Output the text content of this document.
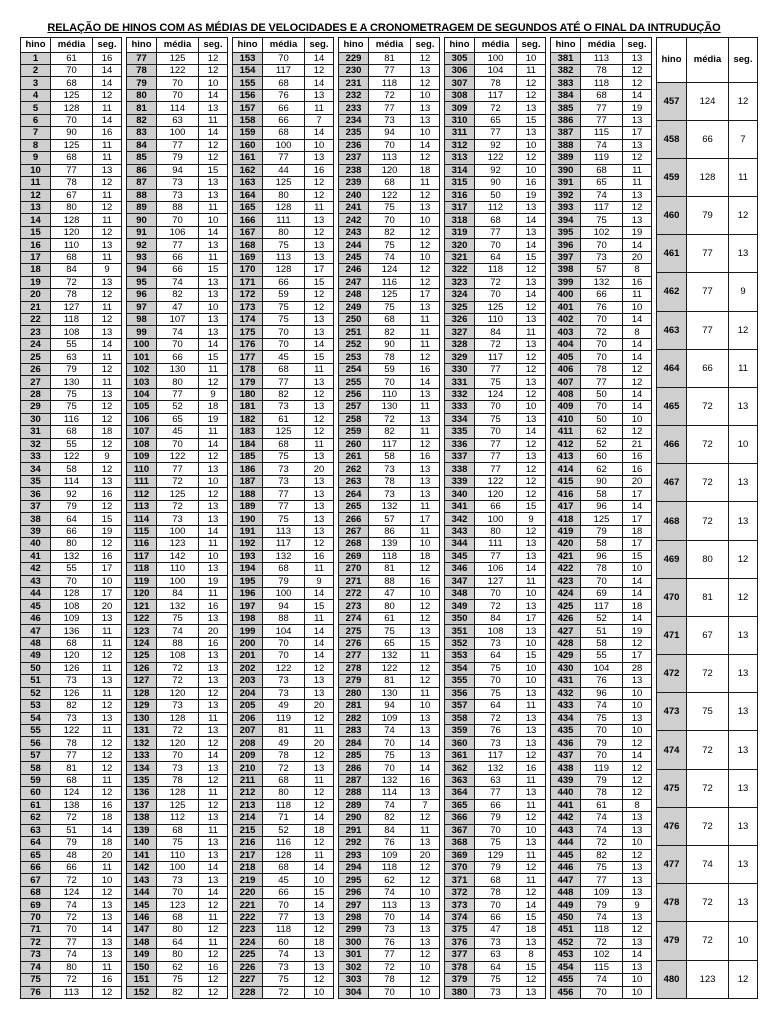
RELAÇÃO DE HINOS COM AS MÉDIAS DE VELOCIDADES E A CRONOMETRAGEM DE SEGUNDOS ATÉ O FINAL DA INTRUDUÇÃO
hino	média	seg.
1	61	16
2	70	14
3	68	14
4	125	12
5	128	11
6	70	14
7	90	16
8	125	11
9	68	11
10	77	13
11	78	12
12	67	11
13	80	12
14	128	11
15	120	12
16	110	13
17	68	11
18	84	9
19	72	13
20	78	12
21	127	11
22	118	12
23	108	13
24	55	14
25	63	11
26	79	12
27	130	11
28	75	13
29	75	12
30	116	12
31	68	18
32	55	12
33	122	9
34	58	12
35	114	13
36	92	16
37	79	12
38	64	15
39	66	19
40	80	12
41	132	16
42	55	17
43	70	10
44	128	17
45	108	20
46	109	13
47	136	11
48	68	11
49	120	12
50	126	11
51	73	13
52	126	11
53	82	12
54	73	13
55	122	11
56	78	12
57	77	12
58	81	12
59	68	11
60	124	12
61	138	16
62	72	18
63	51	14
64	79	18
65	48	20
66	66	11
67	72	10
68	124	12
69	74	13
70	72	13
71	70	14
72	77	13
73	74	13
74	80	11
75	72	16
76	113	12
hino	média	seg.
77	125	12
78	122	12
79	70	10
80	70	14
81	114	13
82	63	11
83	100	14
84	77	12
85	79	12
86	94	15
87	73	13
88	73	13
89	88	11
90	70	10
91	106	14
92	77	13
93	66	11
94	66	15
95	74	13
96	82	13
97	47	10
98	107	13
99	74	13
100	70	14
101	66	15
102	130	11
103	80	12
104	77	9
105	52	18
106	65	19
107	45	11
108	70	14
109	122	12
110	77	13
111	72	10
112	125	12
113	72	13
114	73	13
115	100	14
116	123	11
117	142	10
118	110	13
119	100	19
120	84	11
121	132	16
122	75	13
123	74	20
124	88	16
125	108	13
126	72	13
127	72	13
128	120	12
129	73	13
130	128	11
131	72	13
132	120	12
133	70	14
134	73	13
135	78	12
136	128	11
137	125	12
138	112	13
139	68	11
140	75	13
141	110	13
142	100	14
143	73	13
144	70	14
145	123	12
146	68	11
147	80	12
148	64	11
149	80	12
150	62	16
151	75	12
152	82	12
hino	média	seg.
153	70	14
154	117	12
155	68	14
156	76	13
157	66	11
158	66	7
159	68	14
160	100	10
161	77	13
162	44	16
163	125	12
164	80	12
165	128	11
166	111	13
167	80	12
168	75	13
169	113	13
170	128	17
171	66	15
172	59	12
173	75	12
174	75	13
175	70	13
176	70	14
177	45	15
178	68	11
179	77	13
180	82	12
181	73	13
182	61	12
183	125	12
184	68	11
185	75	13
186	73	20
187	73	13
188	77	13
189	77	13
190	75	13
191	113	13
192	117	12
193	132	16
194	68	11
195	79	9
196	100	14
197	94	15
198	88	11
199	104	14
200	70	14
201	70	14
202	122	12
203	73	13
204	73	13
205	49	20
206	119	12
207	81	11
208	49	20
209	78	12
210	72	13
211	68	11
212	80	12
213	118	12
214	71	14
215	52	18
216	116	12
217	128	11
218	68	14
219	45	10
220	66	15
221	70	14
222	77	13
223	118	12
224	60	18
225	74	13
226	73	13
227	75	12
228	72	10
hino	média	seg.
229	81	12
230	77	13
231	118	12
232	72	10
233	77	13
234	73	13
235	94	10
236	70	14
237	113	12
238	120	18
239	68	11
240	122	12
241	75	13
242	70	10
243	82	12
244	75	12
245	74	10
246	124	12
247	116	12
248	125	17
249	75	13
250	68	11
251	82	11
252	90	11
253	78	12
254	59	16
255	70	14
256	110	13
257	130	11
258	72	13
259	82	11
260	117	12
261	58	16
262	73	13
263	78	13
264	73	13
265	132	11
266	57	17
267	86	11
268	139	10
269	118	18
270	81	12
271	88	16
272	47	10
273	80	12
274	61	12
275	75	13
276	65	15
277	132	11
278	122	12
279	81	12
280	130	11
281	94	10
282	109	13
283	74	13
284	70	14
285	75	13
286	70	14
287	132	16
288	114	13
289	74	7
290	82	12
291	84	11
292	76	13
293	109	20
294	118	12
295	62	12
296	74	10
297	113	13
298	70	14
299	73	13
300	76	13
301	77	12
302	72	10
303	78	12
304	70	10
hino	média	seg.
305	100	10
306	104	11
307	78	12
308	117	12
309	72	13
310	65	15
311	77	13
312	92	10
313	122	12
314	92	10
315	90	16
316	50	19
317	112	13
318	68	14
319	77	13
320	70	14
321	64	15
322	118	12
323	72	13
324	70	14
325	125	12
326	110	13
327	84	11
328	72	13
329	117	12
330	77	12
331	75	13
332	124	12
333	70	10
334	75	13
335	70	14
336	77	12
337	77	13
338	77	12
339	122	12
340	120	12
341	66	15
342	100	9
343	80	12
344	111	13
345	77	13
346	106	14
347	127	11
348	70	10
349	72	13
350	84	17
351	108	13
352	73	10
353	64	15
354	75	10
355	70	10
356	75	13
357	64	11
358	72	13
359	76	13
360	73	13
361	117	12
362	132	16
363	63	11
364	77	13
365	66	11
366	79	12
367	70	10
368	75	13
369	129	11
370	79	12
371	68	11
372	78	12
373	70	14
374	66	15
375	47	18
376	73	13
377	63	8
378	64	15
379	75	12
380	73	13
hino	média	seg.
381	113	13
382	78	12
383	118	12
384	68	14
385	77	19
386	77	13
387	115	17
388	74	13
389	119	12
390	68	11
391	65	11
392	74	13
393	117	12
394	75	13
395	102	19
396	70	14
397	73	20
398	57	8
399	132	16
400	66	11
401	76	10
402	70	14
403	72	8
404	70	14
405	70	14
406	78	12
407	77	12
408	50	14
409	70	14
410	50	10
411	62	12
412	52	21
413	60	16
414	62	16
415	90	20
416	58	17
417	96	14
418	125	17
419	79	18
420	58	17
421	96	15
422	78	10
423	70	14
424	69	14
425	117	18
426	52	14
427	51	19
428	58	12
429	55	17
430	104	28
431	76	13
432	96	10
433	74	10
434	75	13
435	70	10
436	79	12
437	70	14
438	119	12
439	79	12
440	78	12
441	61	8
442	74	13
443	74	13
444	72	10
445	82	12
446	75	13
447	77	13
448	109	13
449	79	9
450	74	13
451	118	12
452	72	13
453	102	14
454	115	13
455	74	10
456	70	10
hino	média	seg.
457	124	12
458	66	7
459	128	11
460	79	12
461	77	13
462	77	9
463	77	12
464	66	11
465	72	13
466	72	10
467	72	13
468	72	13
469	80	12
470	81	12
471	67	13
472	72	13
473	75	13
474	72	13
475	72	13
476	72	13
477	74	13
478	72	13
479	72	10
480	123	12
